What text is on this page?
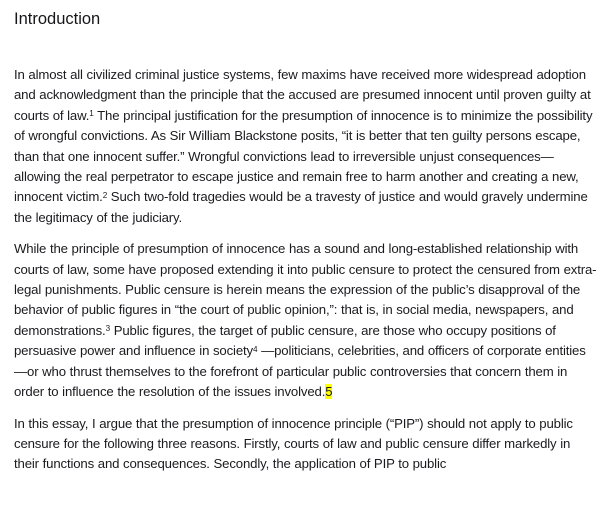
Introduction

In almost all civilized criminal justice systems, few maxims have received more widespread adoption and acknowledgment than the principle that the accused are presumed innocent until proven guilty at courts of law.$^1$ The principal justification for the presumption of innocence is to minimize the possibility of wrongful convictions. As Sir William Blackstone posits, “it is better that ten guilty persons escape, than that one innocent suffer.” Wrongful convictions lead to irreversible unjust consequences—allowing the real perpetrator to escape justice and remain free to harm another and creating a new, innocent victim.$^2$ Such two-fold tragedies would be a travesty of justice and would gravely undermine the legitimacy of the judiciary.

While the principle of presumption of innocence has a sound and long-established relationship with courts of law, some have proposed extending it into public censure to protect the censured from extra-legal punishments. Public censure is herein means the expression of the public’s disapproval of the behavior of public figures in “the court of public opinion,”: that is, in social media, newspapers, and demonstrations.$^3$ Public figures, the target of public censure, are those who occupy positions of persuasive power and influence in society$^4$ —politicians, celebrities, and officers of corporate entities—or who thrust themselves to the forefront of particular public controversies that concern them in order to influence the resolution of the issues involved.5

In this essay, I argue that the presumption of innocence principle (“PIP”) should not apply to public censure for the following three reasons. Firstly, courts of law and public censure differ markedly in their functions and consequences. Secondly, the application of PIP to public
